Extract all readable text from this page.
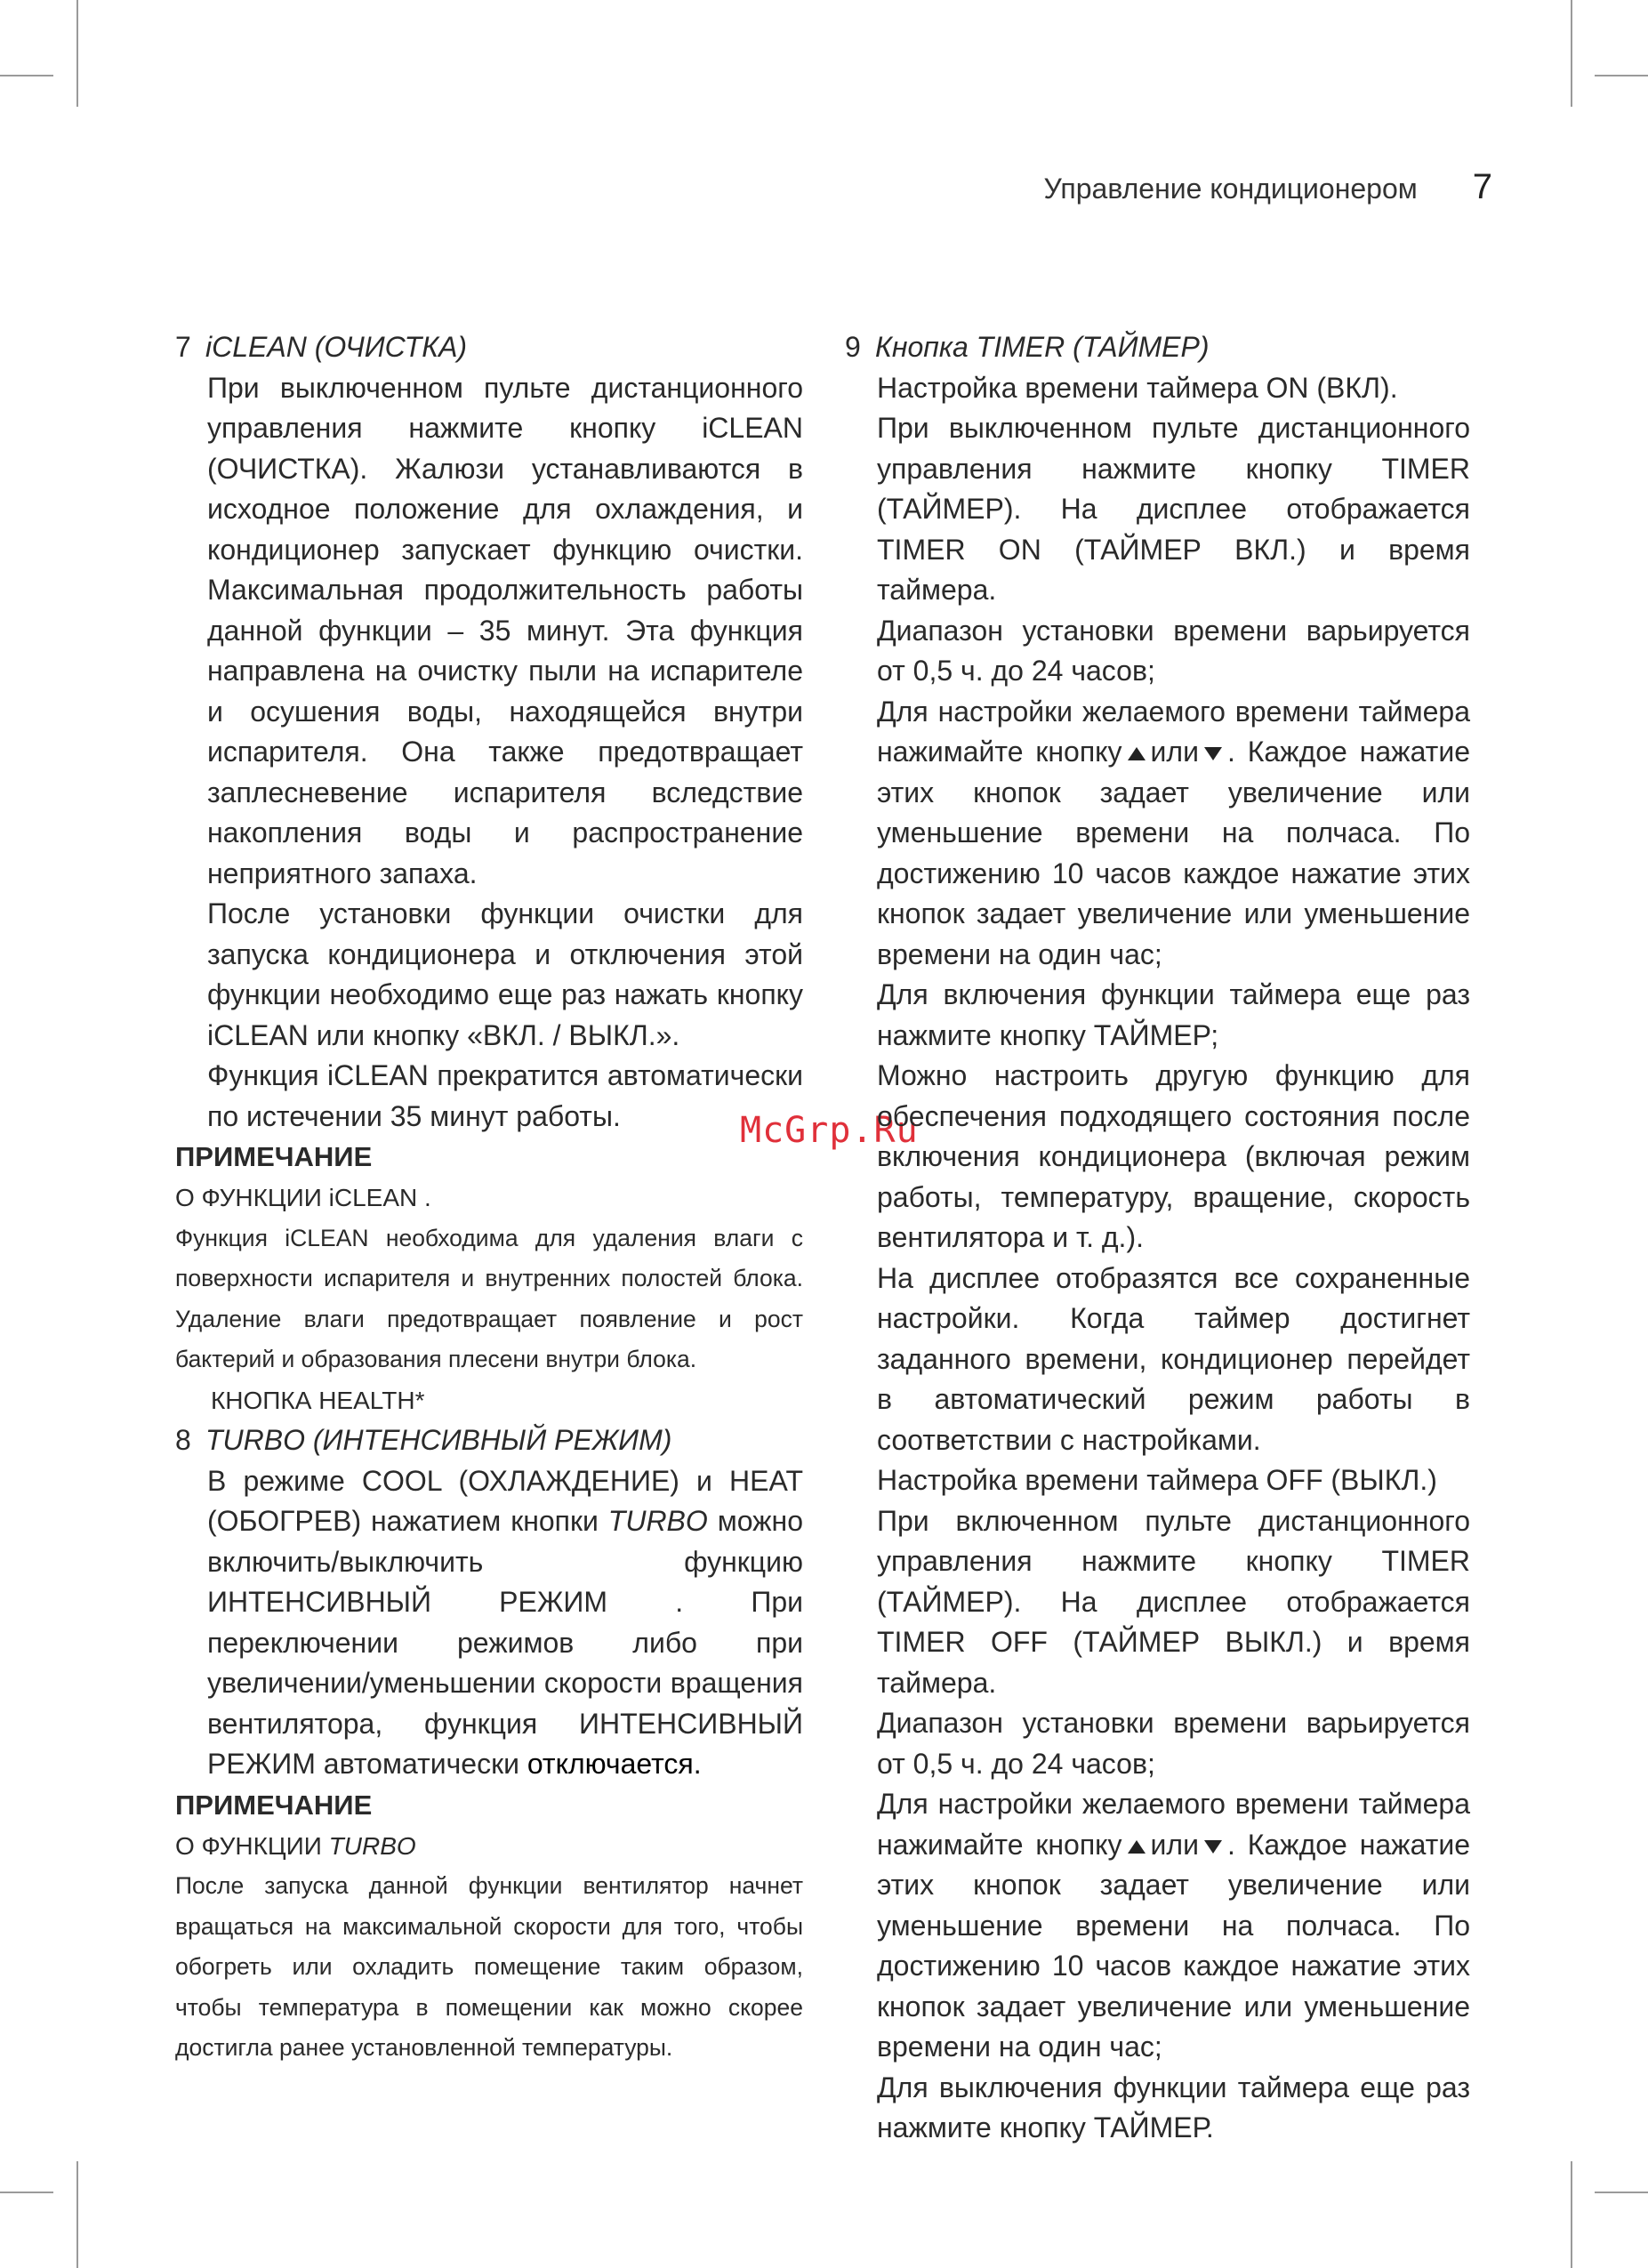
Управление кондиционером 7
McGrp.Ru
7 iCLEAN (ОЧИСТКА)

При выключенном пульте дистанционного управления нажмите кнопку iCLEAN (ОЧИСТКА). Жалюзи устанавливаются в исходное положение для охлаждения, и кондиционер запускает функцию очистки. Максимальная продолжительность работы данной функции – 35 минут. Эта функция направлена на очистку пыли на испарителе и осушения воды, находящейся внутри испарителя. Она также предотвращает заплесневение испарителя вследствие накопления воды и распространение неприятного запаха.

После установки функции очистки для запуска кондиционера и отключения этой функции необходимо еще раз нажать кнопку iCLEAN или кнопку «ВКЛ. / ВЫКЛ.».

Функция iCLEAN прекратится автоматически по истечении 35 минут работы.

ПРИМЕЧАНИЕ
О ФУНКЦИИ iCLEAN .

Функция iCLEAN необходима для удаления влаги с поверхности испарителя и внутренних полостей блока. Удаление влаги предотвращает появление и рост бактерий и образования плесени внутри блока.

КНОПКА HEALTH*
8 TURBO (ИНТЕНСИВНЫЙ РЕЖИМ)

В режиме COOL (ОХЛАЖДЕНИЕ) и HEAT (ОБОГРЕВ) нажатием кнопки TURBO можно включить/выключить функцию ИНТЕНСИВНЫЙ РЕЖИМ . При переключении режимов либо при увеличении/уменьшении скорости вращения вентилятора, функция ИНТЕНСИВНЫЙ РЕЖИМ автоматически отключается.

ПРИМЕЧАНИЕ
О ФУНКЦИИ TURBO

После запуска данной функции вентилятор начнет вращаться на максимальной скорости для того, чтобы обогреть или охладить помещение таким образом, чтобы температура в помещении как можно скорее достигла ранее установленной температуры.

9 Кнопка TIMER (ТАЙМЕР)

Настройка времени таймера ON (ВКЛ).

При выключенном пульте дистанционного управления нажмите кнопку TIMER (ТАЙМЕР). На дисплее отображается TIMER ON (ТАЙМЕР ВКЛ.) и время таймера.

Диапазон установки времени варьируется от 0,5 ч. до 24 часов;

Для настройки желаемого времени таймера нажимайте кнопку или . Каждое нажатие этих кнопок задает увеличение или уменьшение времени на полчаса. По достижению 10 часов каждое нажатие этих кнопок задает увеличение или уменьшение времени на один час;

Для включения функции таймера еще раз нажмите кнопку ТАЙМЕР;

Можно настроить другую функцию для обеспечения подходящего состояния после включения кондиционера (включая режим работы, температуру, вращение, скорость вентилятора и т. д.).

На дисплее отобразятся все сохраненные настройки. Когда таймер достигнет заданного времени, кондиционер перейдет в автоматический режим работы в соответствии с настройками.

Настройка времени таймера OFF (ВЫКЛ.)

При включенном пульте дистанционного управления нажмите кнопку TIMER (ТАЙМЕР). На дисплее отображается TIMER OFF (ТАЙМЕР ВЫКЛ.) и время таймера.

Диапазон установки времени варьируется от 0,5 ч. до 24 часов;

Для настройки желаемого времени таймера нажимайте кнопку или . Каждое нажатие этих кнопок задает увеличение или уменьшение времени на полчаса. По достижению 10 часов каждое нажатие этих кнопок задает увеличение или уменьшение времени на один час;

Для выключения функции таймера еще раз нажмите кнопку ТАЙМЕР.
